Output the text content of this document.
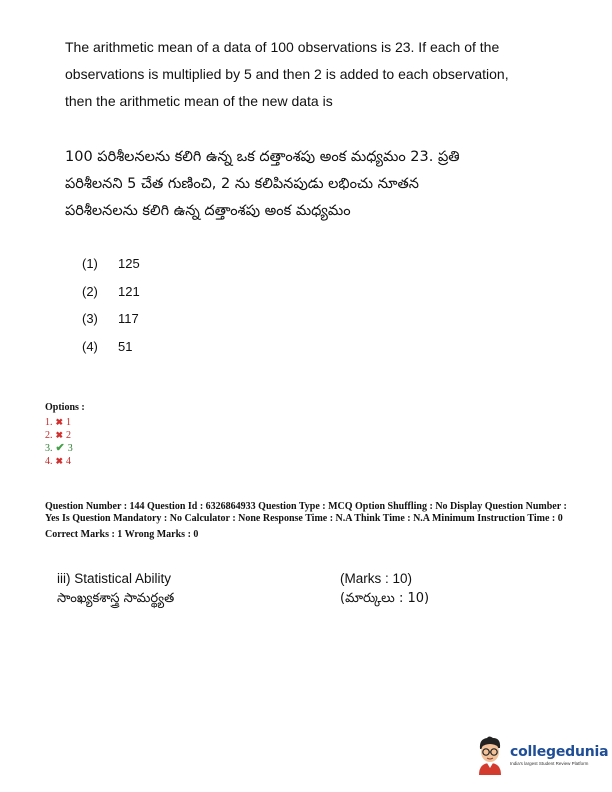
The arithmetic mean of a data of 100 observations is 23. If each of the
observations is multiplied by 5 and then 2 is added to each observation,
then the arithmetic mean of the new data is
100 పరిశీలనలను కలిగి ఉన్న ఒక దత్తాంశపు అంక మధ్యమం 23. ప్రతి
పరిశీలనని 5 చేత గుణించి, 2 ను కలిపినపుడు లభించు నూతన
పరిశీలనలను కలిగి ఉన్న దత్తాంశపు అంక మధ్యమం
(1)	125
(2)	121
(3)	117
(4)	51
Options :
1. ✖ 1
2. ✖ 2
3. ✔ 3
4. ✖ 4
Question Number : 144 Question Id : 6326864933 Question Type : MCQ Option Shuffling : No Display Question Number : Yes Is Question Mandatory : No Calculator : None Response Time : N.A Think Time : N.A Minimum Instruction Time : 0
Correct Marks : 1 Wrong Marks : 0
iii) Statistical Ability
సాంఖ్యకశాస్త్ర సామర్థ్యత
(Marks : 10)
(మార్కులు : 10)
collegedunia
India's largest Student Review Platform
